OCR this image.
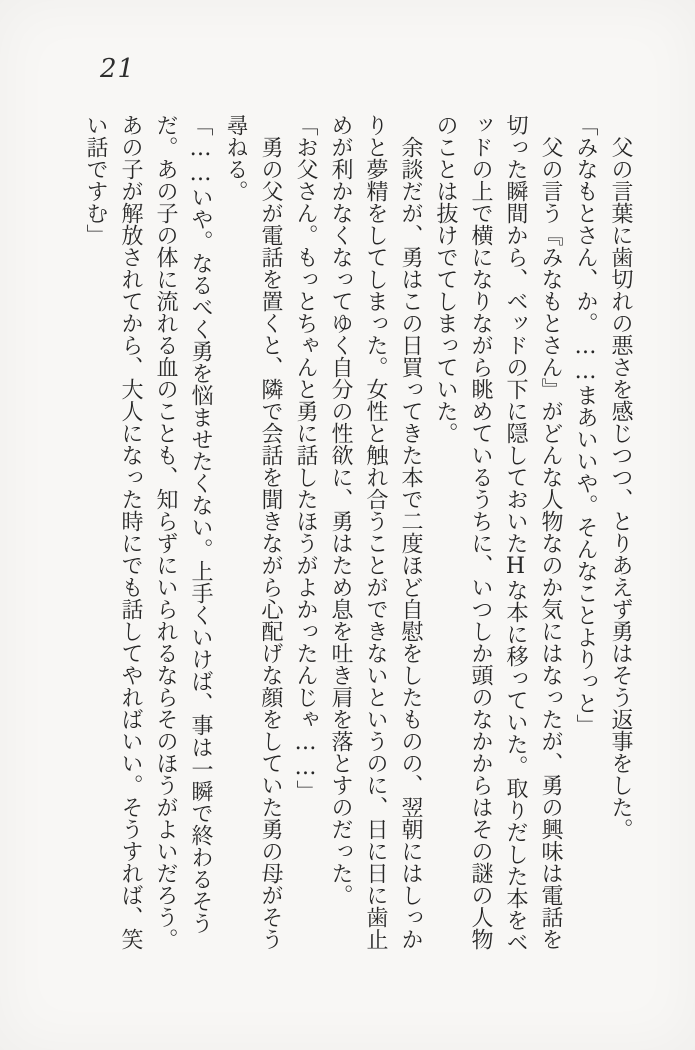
21

父の言葉に歯切れの悪さを感じつつ、とりあえず勇はそう返事をした。

「みなもとさん、か。……まあいいや。そんなことよりっと」

父の言う『みなもとさん』がどんな人物なのか気にはなったが、勇の興味は電話を切った瞬間から、ベッドの下に隠しておいたHな本に移っていた。取りだした本をベッドの上で横になりながら眺めているうちに、いつしか頭のなかからはその謎の人物のことは抜けでてしまっていた。

余談だが、勇はこの日買ってきた本で二度ほど自慰をしたものの、翌朝にはしっかりと夢精をしてしまった。女性と触れ合うことができないというのに、日に日に歯止めが利かなくなってゆく自分の性欲に、勇はため息を吐き肩を落とすのだった。

「お父さん。もっとちゃんと勇に話したほうがよかったんじゃ……」

勇の父が電話を置くと、隣で会話を聞きながら心配げな顔をしていた勇の母がそう尋ねる。

「……いや。なるべく勇を悩ませたくない。上手くいけば、事は一瞬で終わるそうだ。あの子の体に流れる血のことも、知らずにいられるならそのほうがよいだろう。あの子が解放されてから、大人になった時にでも話してやればいい。そうすれば、笑い話ですむ」
